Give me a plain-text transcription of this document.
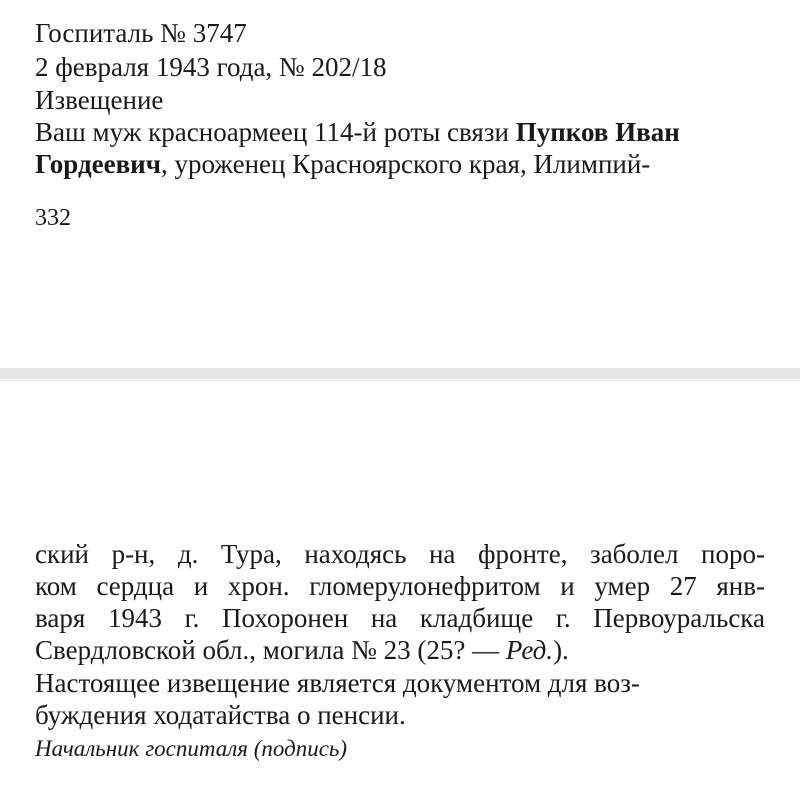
Госпиталь № 3747
2 февраля 1943 года, № 202/18
Извещение
Ваш муж красноармеец 114-й роты связи Пупков Иван
Гордеевич, уроженец Красноярского края, Илимпий-
332
ский р-н, д. Тура, находясь на фронте, заболел поро-
ком сердца и хрон. гломерулонефритом и умер 27 янв-
варя 1943 г. Похоронен на кладбище г. Первоуральска
Свердловской обл., могила № 23 (25? — Ред.).
Настоящее извещение является документом для воз-
буждения ходатайства о пенсии.
Начальник госпиталя (подпись)
